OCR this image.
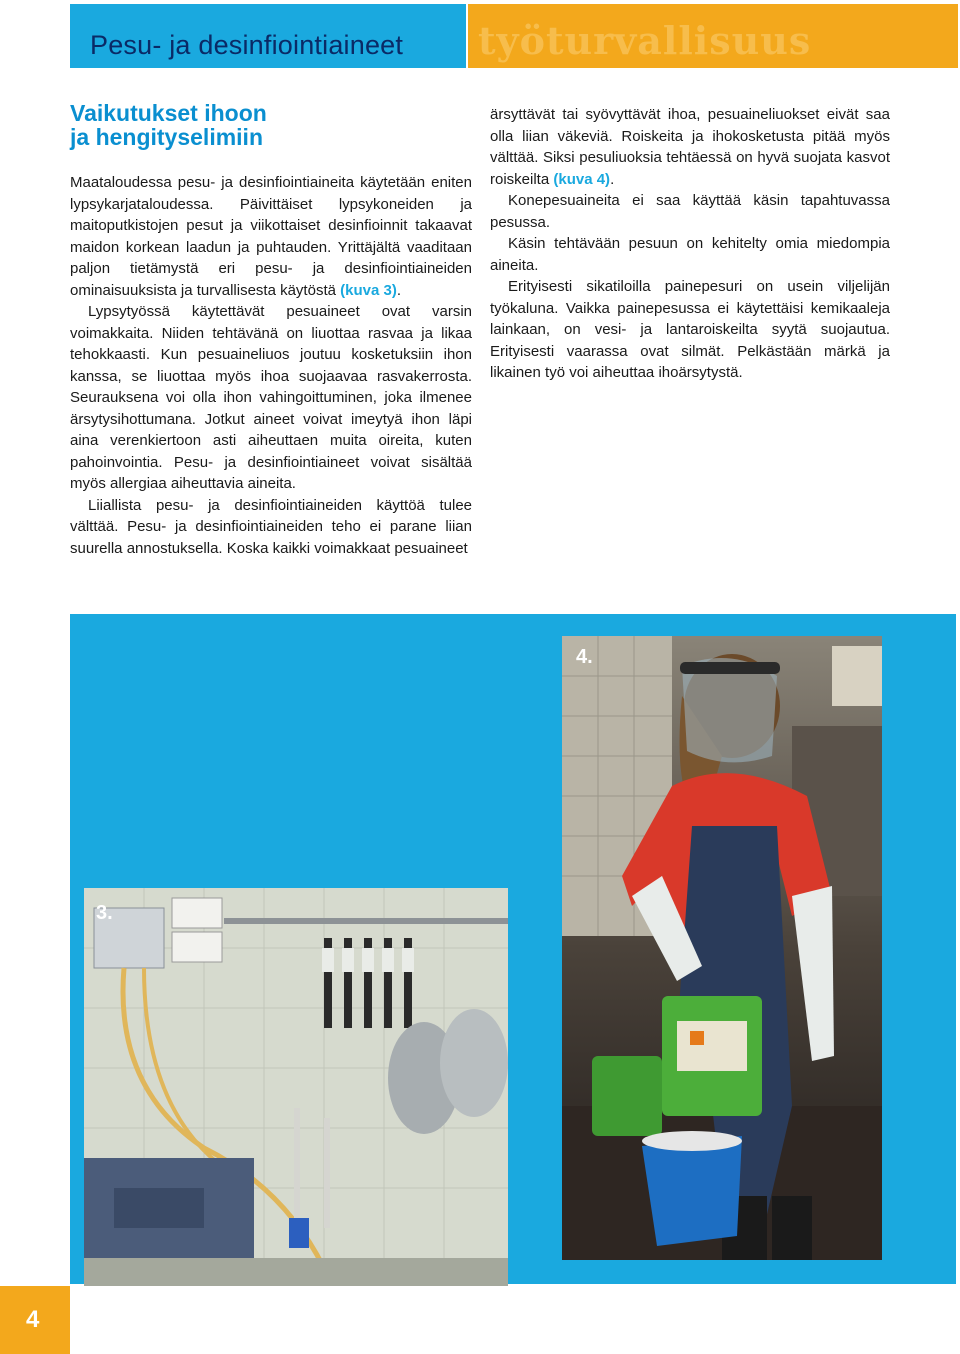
Pesu- ja desinfiointiaineet työturvallisuus
Vaikutukset ihoon
ja hengityselimiin

Maataloudessa pesu- ja desinfiointiaineita käytetään eniten lypsykarjataloudessa. Päivittäiset lypsykoneiden ja maitoputkistojen pesut ja viikottaiset desinfioinnit takaavat maidon korkean laadun ja puhtauden. Yrittäjältä vaaditaan paljon tietämystä eri pesu- ja desinfiointiaineiden ominaisuuksista ja turvallisesta käytöstä (kuva 3).

Lypsytyössä käytettävät pesuaineet ovat varsin voimakkaita. Niiden tehtävänä on liuottaa rasvaa ja likaa tehokkaasti. Kun pesuaineliuos joutuu kosketuksiin ihon kanssa, se liuottaa myös ihoa suojaavaa rasvakerrosta. Seurauksena voi olla ihon vahingoittuminen, joka ilmenee ärsytysihottumana. Jotkut aineet voivat imeytyä ihon läpi aina verenkiertoon asti aiheuttaen muita oireita, kuten pahoinvointia. Pesu- ja desinfiointiaineet voivat sisältää myös allergiaa aiheuttavia aineita.

Liiallista pesu- ja desinfiointiaineiden käyttöä tulee välttää. Pesu- ja desinfiointiaineiden teho ei parane liian suurella annostuksella. Koska kaikki voimakkaat pesuaineet

ärsyttävät tai syövyttävät ihoa, pesuaineliuokset eivät saa olla liian väkeviä. Roiskeita ja ihokosketusta pitää myös välttää. Siksi pesuliuoksia tehtäessä on hyvä suojata kasvot roiskeilta (kuva 4).

Konepesuaineita ei saa käyttää käsin tapahtuvassa pesussa.

Käsin tehtävään pesuun on kehitelty omia miedompia aineita.

Erityisesti sikatiloilla painepesuri on usein viljelijän työkaluna. Vaikka painepesussa ei käytettäisi kemikaaleja lainkaan, on vesi- ja lantaroiskeilta syytä suojautua. Erityisesti vaarassa ovat silmät. Pelkästään märkä ja likainen työ voi aiheuttaa ihoärsytystä.

4.
3.
4
